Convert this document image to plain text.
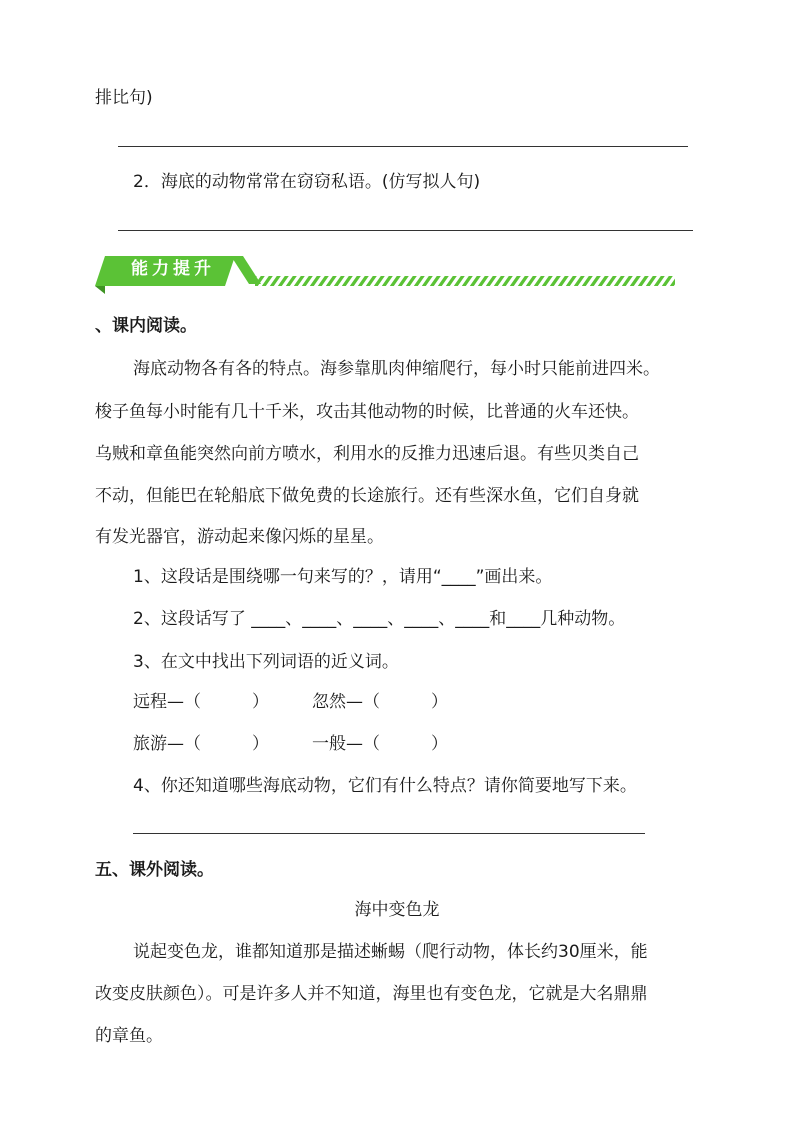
排比句)
2．海底的动物常常在窃窃私语。(仿写拟人句)
能力提升
、课内阅读。
海底动物各有各的特点。海参靠肌肉伸缩爬行，每小时只能前进四米。
梭子鱼每小时能有几十千米，攻击其他动物的时候，比普通的火车还快。
乌贼和章鱼能突然向前方喷水，利用水的反推力迅速后退。有些贝类自己
不动，但能巴在轮船底下做免费的长途旅行。还有些深水鱼，它们自身就
有发光器官，游动起来像闪烁的星星。
1、这段话是围绕哪一句来写的？，请用“____”画出来。
2、这段话写了 ____、____、____、____、____和____几种动物。
3、在文中找出下列词语的近义词。
远程—（　　　）	忽然—（　　　）
旅游—（　　　）	一般—（　　　）
4、你还知道哪些海底动物，它们有什么特点？请你简要地写下来。
五、课外阅读。
海中变色龙
说起变色龙，谁都知道那是描述蜥蜴（爬行动物，体长约30厘米，能
改变皮肤颜色）。可是许多人并不知道，海里也有变色龙，它就是大名鼎鼎
的章鱼。
